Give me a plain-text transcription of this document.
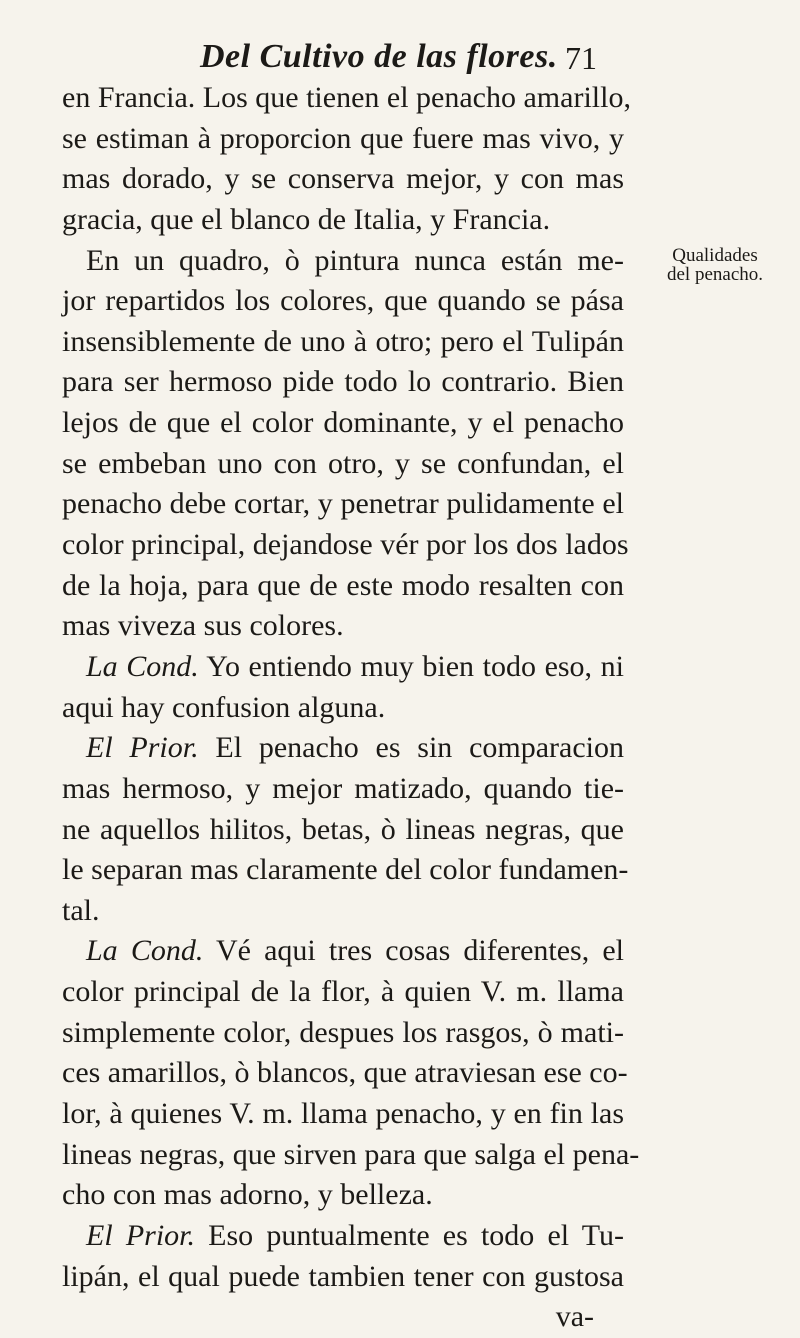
Del Cultivo de las flores. 71
Qualidades
del penacho.
en Francia. Los que tienen el penacho amarillo,
se estiman à proporcion que fuere mas vivo, y
mas dorado, y se conserva mejor, y con mas
gracia, que el blanco de Italia, y Francia.
En un quadro, ò pintura nunca están me-
jor repartidos los colores, que quando se pása
insensiblemente de uno à otro; pero el Tulipán
para ser hermoso pide todo lo contrario. Bien
lejos de que el color dominante, y el penacho
se embeban uno con otro, y se confundan, el
penacho debe cortar, y penetrar pulidamente el
color principal, dejandose vér por los dos lados
de la hoja, para que de este modo resalten con
mas viveza sus colores.
La Cond. Yo entiendo muy bien todo eso, ni
aqui hay confusion alguna.
El Prior. El penacho es sin comparacion
mas hermoso, y mejor matizado, quando tie-
ne aquellos hilitos, betas, ò lineas negras, que
le separan mas claramente del color fundamen-
tal.
La Cond. Vé aqui tres cosas diferentes, el
color principal de la flor, à quien V. m. llama
simplemente color, despues los rasgos, ò mati-
ces amarillos, ò blancos, que atraviesan ese co-
lor, à quienes V. m. llama penacho, y en fin las
lineas negras, que sirven para que salga el pena-
cho con mas adorno, y belleza.
El Prior. Eso puntualmente es todo el Tu-
lipán, el qual puede tambien tener con gustosa
va-
